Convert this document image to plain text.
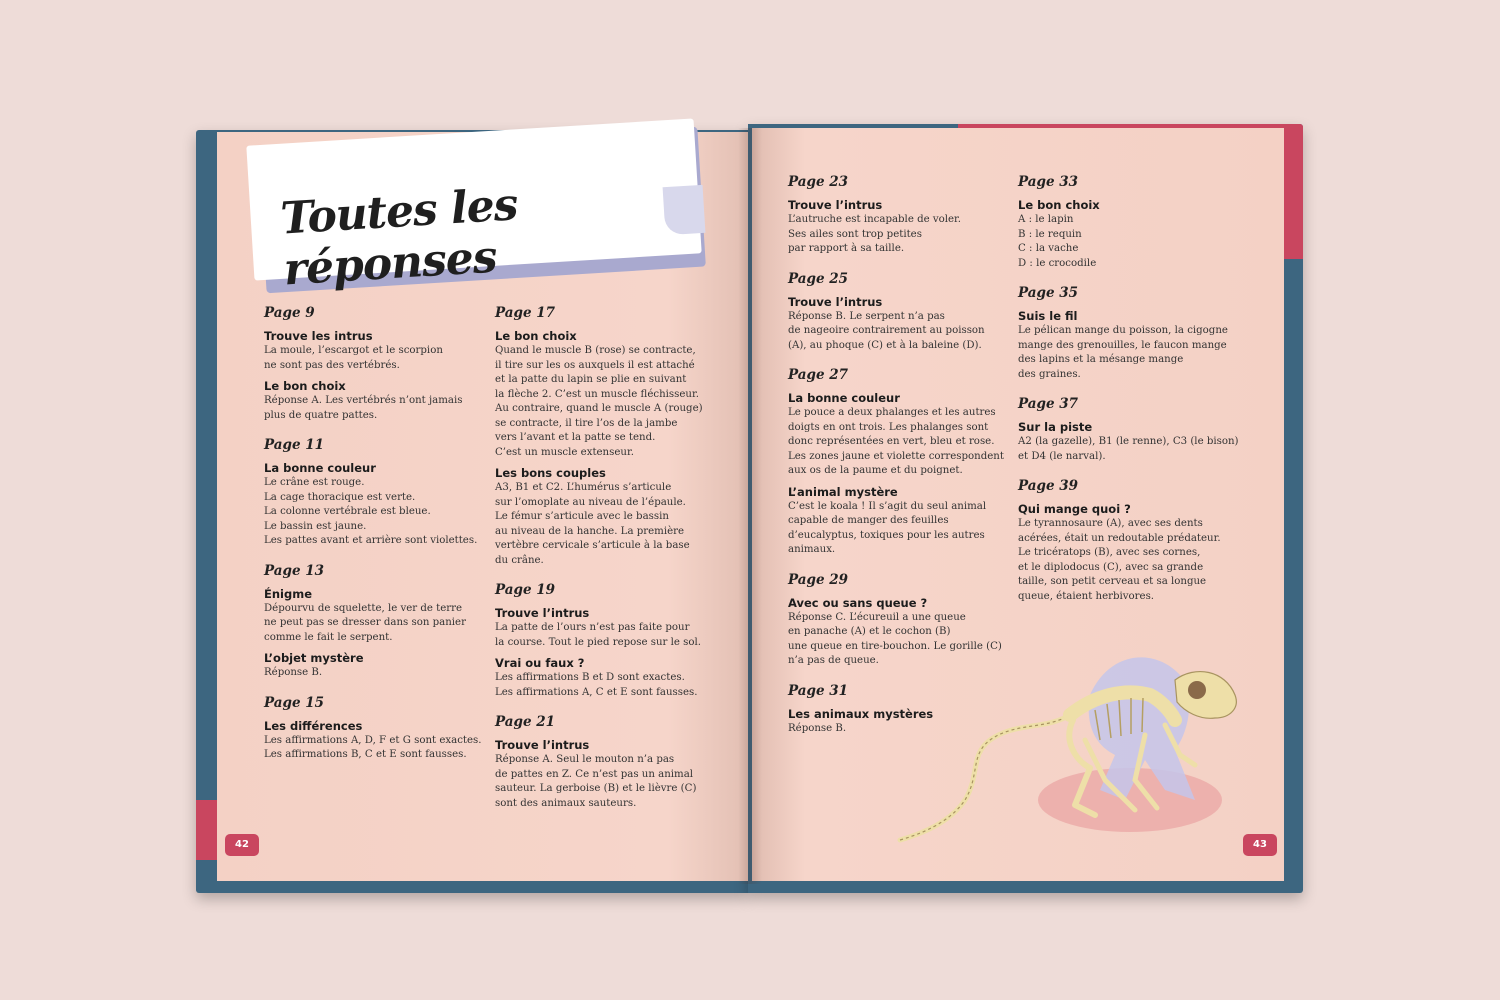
Toutes les réponses
Page 9
Trouve les intrus
La moule, l’escargot et le scorpion
ne sont pas des vertébrés.
Le bon choix
Réponse A. Les vertébrés n’ont jamais
plus de quatre pattes.
Page 11
La bonne couleur
Le crâne est rouge.
La cage thoracique est verte.
La colonne vertébrale est bleue.
Le bassin est jaune.
Les pattes avant et arrière sont violettes.
Page 13
Énigme
Dépourvu de squelette, le ver de terre
ne peut pas se dresser dans son panier
comme le fait le serpent.
L’objet mystère
Réponse B.
Page 15
Les différences
Les affirmations A, D, F et G sont exactes.
Les affirmations B, C et E sont fausses.
Page 17
Le bon choix
Quand le muscle B (rose) se contracte,
il tire sur les os auxquels il est attaché
et la patte du lapin se plie en suivant
la flèche 2. C’est un muscle fléchisseur.
Au contraire, quand le muscle A (rouge)
se contracte, il tire l’os de la jambe
vers l’avant et la patte se tend.
C’est un muscle extenseur.
Les bons couples
A3, B1 et C2. L’humérus s’articule
sur l’omoplate au niveau de l’épaule.
Le fémur s’articule avec le bassin
au niveau de la hanche. La première
vertèbre cervicale s’articule à la base
du crâne.
Page 19
Trouve l’intrus
La patte de l’ours n’est pas faite pour
la course. Tout le pied repose sur le sol.
Vrai ou faux ?
Les affirmations B et D sont exactes.
Les affirmations A, C et E sont fausses.
Page 21
Trouve l’intrus
Réponse A. Seul le mouton n’a pas
de pattes en Z. Ce n’est pas un animal
sauteur. La gerboise (B) et le lièvre (C)
sont des animaux sauteurs.
Page 23
Trouve l’intrus
L’autruche est incapable de voler.
Ses ailes sont trop petites
par rapport à sa taille.
Page 25
Trouve l’intrus
Réponse B. Le serpent n’a pas
de nageoire contrairement au poisson
(A), au phoque (C) et à la baleine (D).
Page 27
La bonne couleur
Le pouce a deux phalanges et les autres
doigts en ont trois. Les phalanges sont
donc représentées en vert, bleu et rose.
Les zones jaune et violette correspondent
aux os de la paume et du poignet.
L’animal mystère
C’est le koala ! Il s’agit du seul animal
capable de manger des feuilles
d’eucalyptus, toxiques pour les autres
animaux.
Page 29
Avec ou sans queue ?
Réponse C. L’écureuil a une queue
en panache (A) et le cochon (B)
une queue en tire-bouchon. Le gorille (C)
n’a pas de queue.
Page 31
Les animaux mystères
Réponse B.
Page 33
Le bon choix
A : le lapin
B : le requin
C : la vache
D : le crocodile
Page 35
Suis le fil
Le pélican mange du poisson, la cigogne
mange des grenouilles, le faucon mange
des lapins et la mésange mange
des graines.
Page 37
Sur la piste
A2 (la gazelle), B1 (le renne), C3 (le bison)
et D4 (le narval).
Page 39
Qui mange quoi ?
Le tyrannosaure (A), avec ses dents
acérées, était un redoutable prédateur.
Le tricératops (B), avec ses cornes,
et le diplodocus (C), avec sa grande
taille, son petit cerveau et sa longue
queue, étaient herbivores.
42	43
